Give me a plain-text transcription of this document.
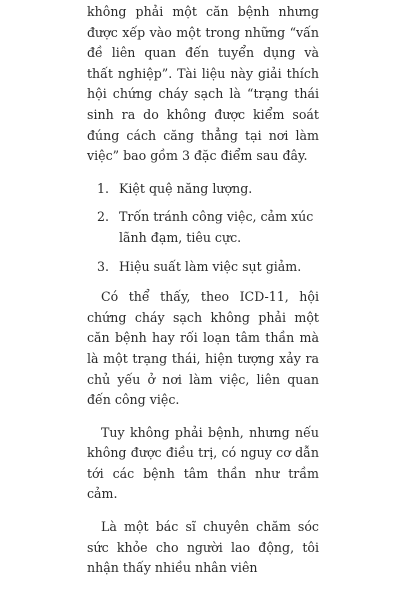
không phải một căn bệnh nhưng được xếp vào một trong những “vấn đề liên quan đến tuyển dụng và thất nghiệp”. Tài liệu này giải thích hội chứng cháy sạch là “trạng thái sinh ra do không được kiểm soát đúng cách căng thẳng tại nơi làm việc” bao gồm 3 đặc điểm sau đây.

1. Kiệt quệ năng lượng.
2. Trốn tránh công việc, cảm xúc lãnh đạm, tiêu cực.
3. Hiệu suất làm việc sụt giảm.

Có thể thấy, theo ICD-11, hội chứng cháy sạch không phải một căn bệnh hay rối loạn tâm thần mà là một trạng thái, hiện tượng xảy ra chủ yếu ở nơi làm việc, liên quan đến công việc.

Tuy không phải bệnh, nhưng nếu không được điều trị, có nguy cơ dẫn tới các bệnh tâm thần như trầm cảm.

Là một bác sĩ chuyên chăm sóc sức khỏe cho người lao động, tôi nhận thấy nhiều nhân viên
